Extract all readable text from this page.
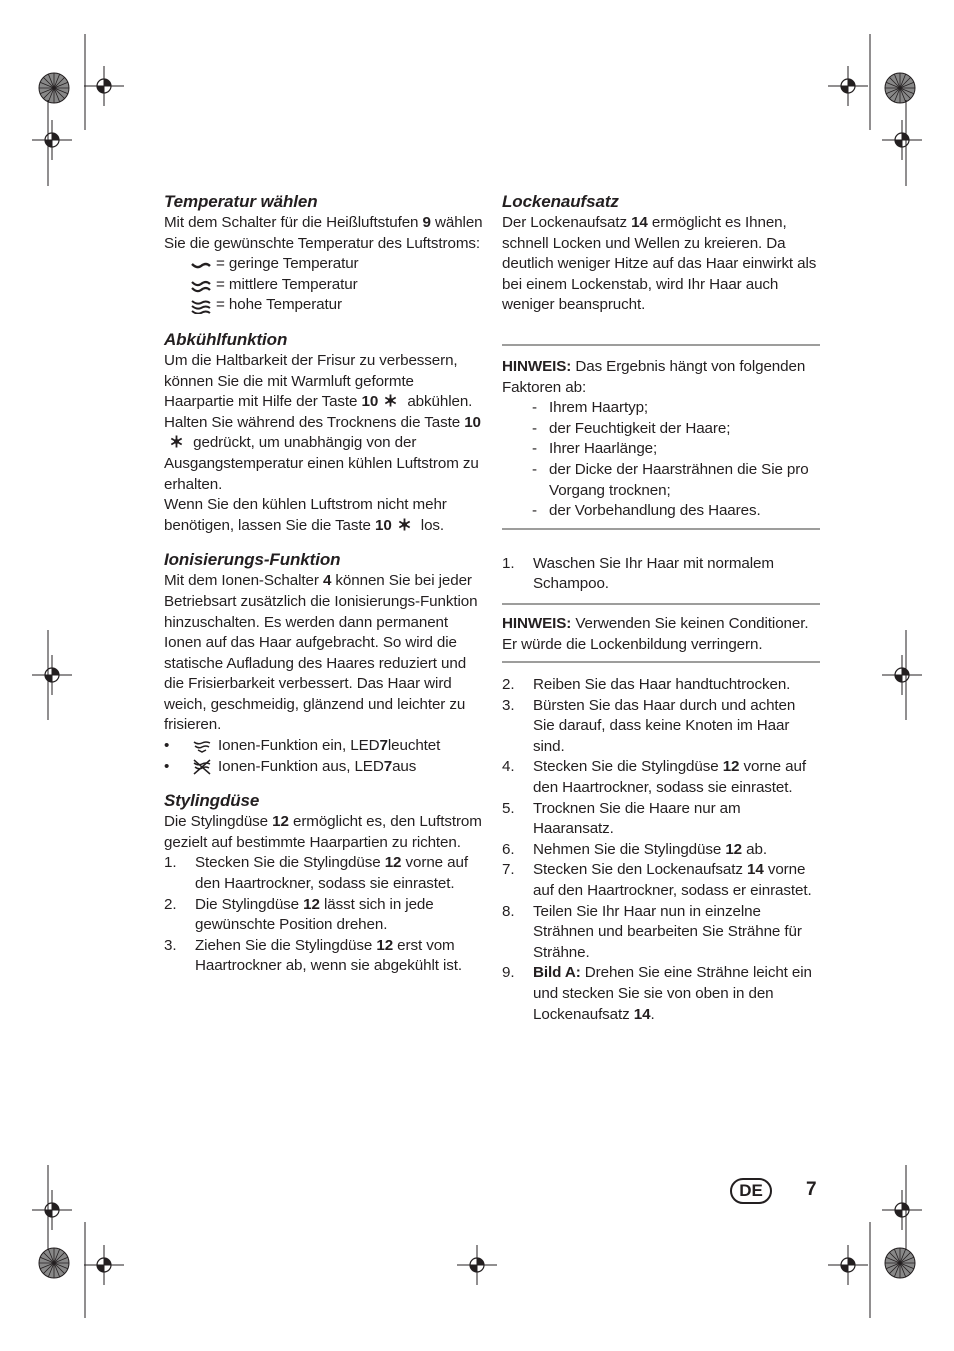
Temperatur wählen

Mit dem Schalter für die Heißluftstufen 9 wählen Sie die gewünschte Temperatur des Luftstroms:

= geringe Temperatur
= mittlere Temperatur
= hohe Temperatur
Abkühlfunktion

Um die Haltbarkeit der Frisur zu verbessern, können Sie die mit Warmluft geformte Haarpartie mit Hilfe der Taste 10 abkühlen.

Halten Sie während des Trocknens die Taste 10 gedrückt, um unabhängig von der Ausgangstemperatur einen kühlen Luftstrom zu erhalten.

Wenn Sie den kühlen Luftstrom nicht mehr benötigen, lassen Sie die Taste 10 los.

Ionisierungs-Funktion

Mit dem Ionen-Schalter 4 können Sie bei jeder Betriebsart zusätzlich die Ionisierungs-Funktion hinzuschalten. Es werden dann permanent Ionen auf das Haar aufgebracht. So wird die statische Aufladung des Haares reduziert und die Frisierbarkeit verbessert. Das Haar wird weich, geschmeidig, glänzend und leichter zu frisieren.

•	Ionen-Funktion ein, LED 7 leuchtet
•	Ionen-Funktion aus, LED 7 aus
Stylingdüse

Die Stylingdüse 12 ermöglicht es, den Luftstrom gezielt auf bestimmte Haarpartien zu richten.

1.	Stecken Sie die Stylingdüse 12 vorne auf den Haartrockner, sodass sie einrastet.
2.	Die Stylingdüse 12 lässt sich in jede gewünschte Position drehen.
3.	Ziehen Sie die Stylingdüse 12 erst vom Haartrockner ab, wenn sie abgekühlt ist.
Lockenaufsatz

Der Lockenaufsatz 14 ermöglicht es Ihnen, schnell Locken und Wellen zu kreieren. Da deutlich weniger Hitze auf das Haar einwirkt als bei einem Lockenstab, wird Ihr Haar auch weniger beansprucht.

HINWEIS: Das Ergebnis hängt von folgenden Faktoren ab:

- Ihrem Haartyp;
- der Feuchtigkeit der Haare;
- Ihrer Haarlänge;
- der Dicke der Haarsträhnen die Sie pro Vorgang trocknen;
- der Vorbehandlung des Haares.
1.	Waschen Sie Ihr Haar mit normalem Schampoo.

HINWEIS: Verwenden Sie keinen Conditioner. Er würde die Lockenbildung verringern.

2.	Reiben Sie das Haar handtuchtrocken.
3.	Bürsten Sie das Haar durch und achten Sie darauf, dass keine Knoten im Haar sind.
4.	Stecken Sie die Stylingdüse 12 vorne auf den Haartrockner, sodass sie einrastet.
5.	Trocknen Sie die Haare nur am Haaransatz.
6.	Nehmen Sie die Stylingdüse 12 ab.
7.	Stecken Sie den Lockenaufsatz 14 vorne auf den Haartrockner, sodass er einrastet.
8.	Teilen Sie Ihr Haar nun in einzelne Strähnen und bearbeiten Sie Strähne für Strähne.
9.	Bild A: Drehen Sie eine Strähne leicht ein und stecken Sie sie von oben in den Lockenaufsatz 14.
DE	7
